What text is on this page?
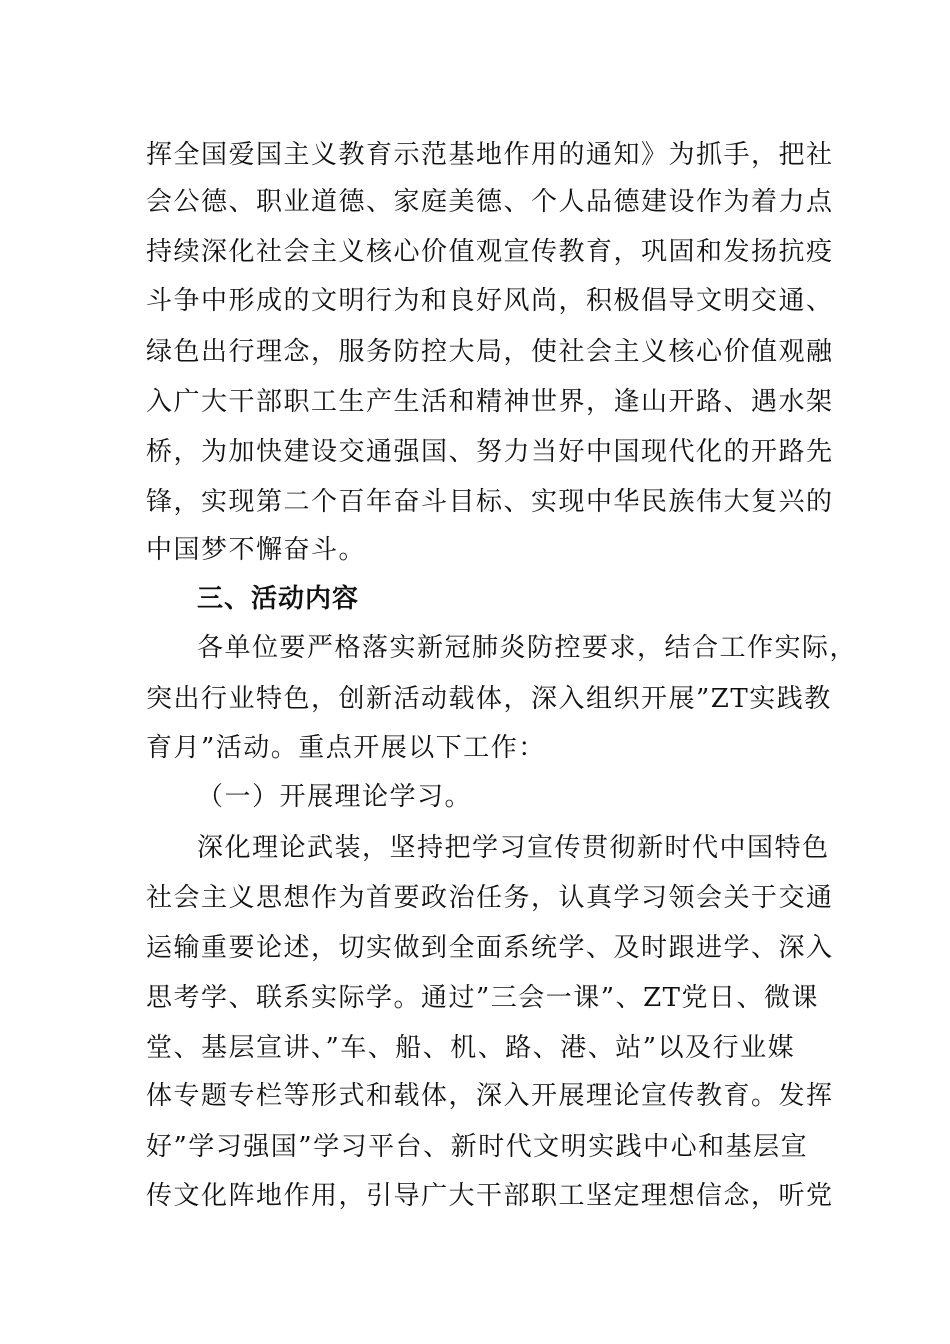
挥全国爱国主义教育示范基地作用的通知》为抓手，把社
会公德、职业道德、家庭美德、个人品德建设作为着力点
持续深化社会主义核心价值观宣传教育，巩固和发扬抗疫
斗争中形成的文明行为和良好风尚，积极倡导文明交通、
绿色出行理念，服务防控大局，使社会主义核心价值观融
入广大干部职工生产生活和精神世界，逢山开路、遇水架
桥，为加快建设交通强国、努力当好中国现代化的开路先
锋，实现第二个百年奋斗目标、实现中华民族伟大复兴的
中国梦不懈奋斗。
三、活动内容
各单位要严格落实新冠肺炎防控要求，结合工作实际，
突出行业特色，创新活动载体，深入组织开展”ZT实践教
育月”活动。重点开展以下工作：
（一）开展理论学习。
深化理论武装，坚持把学习宣传贯彻新时代中国特色
社会主义思想作为首要政治任务，认真学习领会关于交通
运输重要论述，切实做到全面系统学、及时跟进学、深入
思考学、联系实际学。通过”三会一课”、ZT党日、微课
堂、基层宣讲、”车、船、机、路、港、站”以及行业媒
体专题专栏等形式和载体，深入开展理论宣传教育。发挥
好”学习强国”学习平台、新时代文明实践中心和基层宣
传文化阵地作用，引导广大干部职工坚定理想信念，听党
